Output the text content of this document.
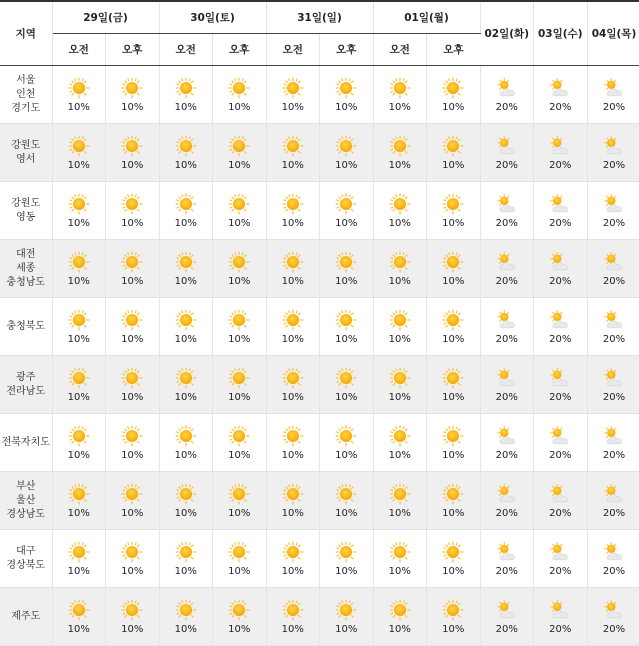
지역	29일(금)		30일(토)		31일(일)		01일(월)		02일(화)	03일(수)	04일(목)
	오전	오후	오전	오후	오전	오후	오전	오후			

서울
인천
경기도	10%	10%	10%	10%	10%	10%	10%	10%	20%	20%	20%

강원도
영서	10%	10%	10%	10%	10%	10%	10%	10%	20%	20%	20%

강원도
영동	10%	10%	10%	10%	10%	10%	10%	10%	20%	20%	20%

대전
세종
충청남도	10%	10%	10%	10%	10%	10%	10%	10%	20%	20%	20%

충청북도	10%	10%	10%	10%	10%	10%	10%	10%	20%	20%	20%

광주
전라남도	10%	10%	10%	10%	10%	10%	10%	10%	20%	20%	20%

전북자치도	10%	10%	10%	10%	10%	10%	10%	10%	20%	20%	20%

부산
울산
경상남도	10%	10%	10%	10%	10%	10%	10%	10%	20%	20%	20%

대구
경상북도	10%	10%	10%	10%	10%	10%	10%	10%	20%	20%	20%

제주도	10%	10%	10%	10%	10%	10%	10%	10%	20%	20%	20%
